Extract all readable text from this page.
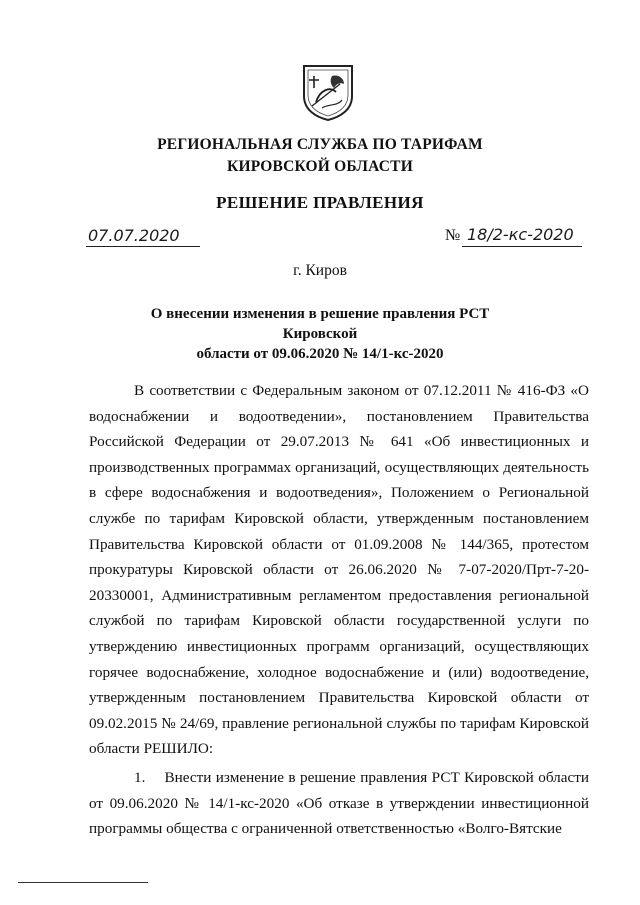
РЕГИОНАЛЬНАЯ СЛУЖБА ПО ТАРИФАМ
КИРОВСКОЙ ОБЛАСТИ
РЕШЕНИЕ ПРАВЛЕНИЯ
07.07.2020	№ 18/2-кс-2020
г. Киров
О внесении изменения в решение правления РСТ Кировской
области от 09.06.2020 № 14/1-кс-2020
В соответствии с Федеральным законом от 07.12.2011 № 416-ФЗ «О водоснабжении и водоотведении», постановлением Правительства Российской Федерации от 29.07.2013 № 641 «Об инвестиционных и производственных программах организаций, осуществляющих деятельность в сфере водоснабжения и водоотведения», Положением о Региональной службе по тарифам Кировской области, утвержденным постановлением Правительства Кировской области от 01.09.2008 № 144/365, протестом прокуратуры Кировской области от 26.06.2020 № 7-07-2020/Прт-7-20-20330001, Административным регламентом предоставления региональной службой по тарифам Кировской области государственной услуги по утверждению инвестиционных программ организаций, осуществляющих горячее водоснабжение, холодное водоснабжение и (или) водоотведение, утвержденным постановлением Правительства Кировской области от 09.02.2015 № 24/69, правление региональной службы по тарифам Кировской области РЕШИЛО:
1. Внести изменение в решение правления РСТ Кировской области от 09.06.2020 № 14/1-кс-2020 «Об отказе в утверждении инвестиционной программы общества с ограниченной ответственностью «Волго-Вятские
